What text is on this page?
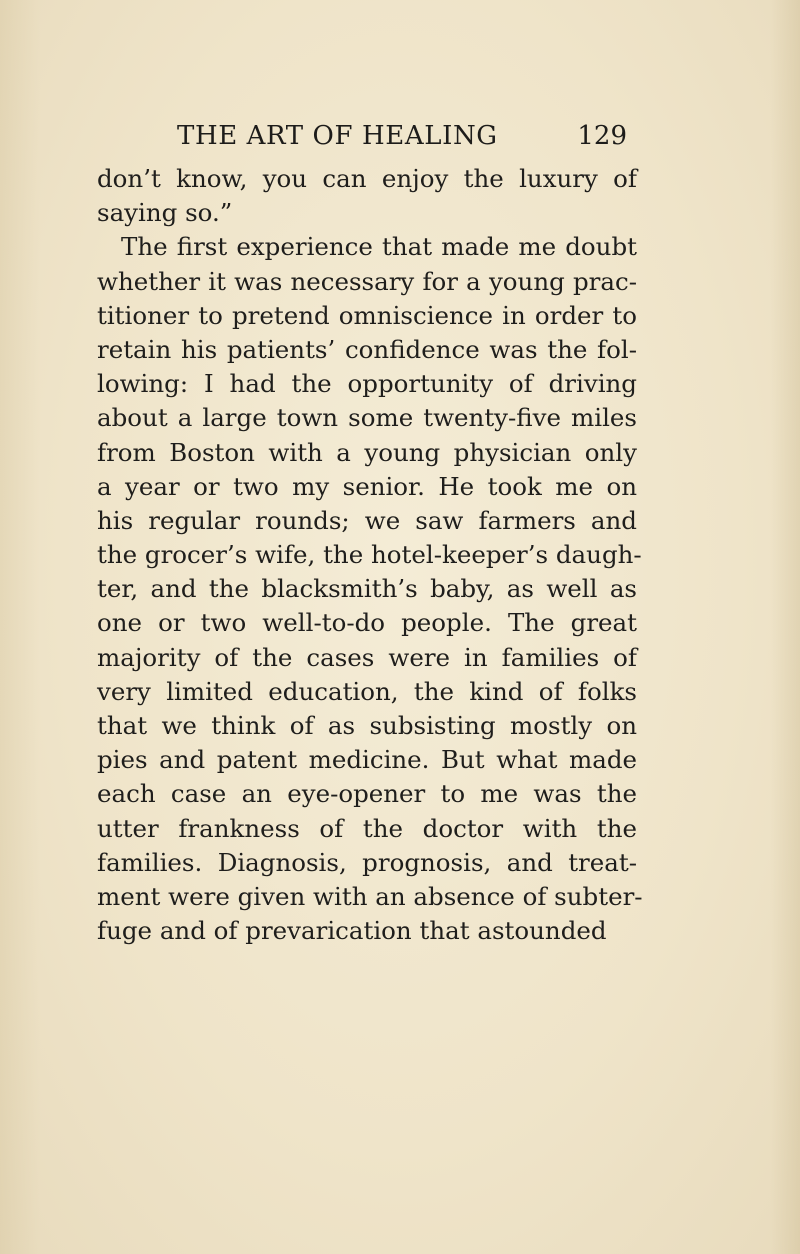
THE ART OF HEALING	129
don’t know, you can enjoy the luxury of
saying so.”
The first experience that made me doubt
whether it was necessary for a young prac-
titioner to pretend omniscience in order to
retain his patients’ confidence was the fol-
lowing: I had the opportunity of driving
about a large town some twenty-five miles
from Boston with a young physician only
a year or two my senior. He took me on
his regular rounds; we saw farmers and
the grocer’s wife, the hotel-keeper’s daugh-
ter, and the blacksmith’s baby, as well as
one or two well-to-do people. The great
majority of the cases were in families of
very limited education, the kind of folks
that we think of as subsisting mostly on
pies and patent medicine. But what made
each case an eye-opener to me was the
utter frankness of the doctor with the
families. Diagnosis, prognosis, and treat-
ment were given with an absence of subter-
fuge and of prevarication that astounded
